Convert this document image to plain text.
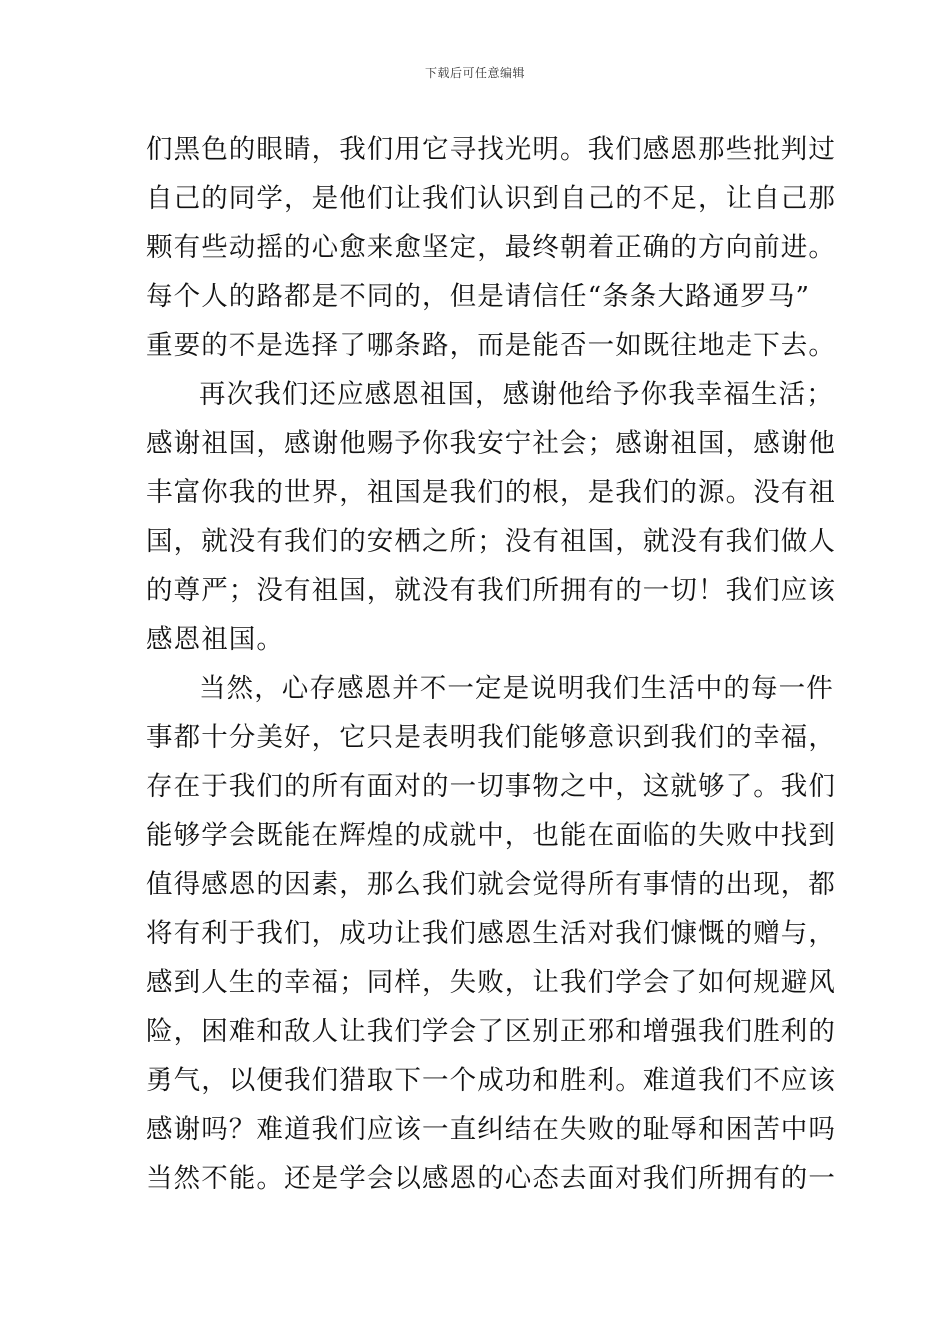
下载后可任意编辑
们黑色的眼睛，我们用它寻找光明。我们感恩那些批判过
自己的同学，是他们让我们认识到自己的不足，让自己那
颗有些动摇的心愈来愈坚定，最终朝着正确的方向前进。
每个人的路都是不同的，但是请信任“条条大路通罗马”
重要的不是选择了哪条路，而是能否一如既往地走下去。
再次我们还应感恩祖国，感谢他给予你我幸福生活；
感谢祖国，感谢他赐予你我安宁社会；感谢祖国，感谢他
丰富你我的世界，祖国是我们的根，是我们的源。没有祖
国，就没有我们的安栖之所；没有祖国，就没有我们做人
的尊严；没有祖国，就没有我们所拥有的一切！我们应该
感恩祖国。
当然，心存感恩并不一定是说明我们生活中的每一件
事都十分美好，它只是表明我们能够意识到我们的幸福，
存在于我们的所有面对的一切事物之中，这就够了。我们
能够学会既能在辉煌的成就中，也能在面临的失败中找到
值得感恩的因素，那么我们就会觉得所有事情的出现，都
将有利于我们，成功让我们感恩生活对我们慷慨的赠与，
感到人生的幸福；同样，失败，让我们学会了如何规避风
险，困难和敌人让我们学会了区别正邪和增强我们胜利的
勇气，以便我们猎取下一个成功和胜利。难道我们不应该
感谢吗？难道我们应该一直纠结在失败的耻辱和困苦中吗
当然不能。还是学会以感恩的心态去面对我们所拥有的一
